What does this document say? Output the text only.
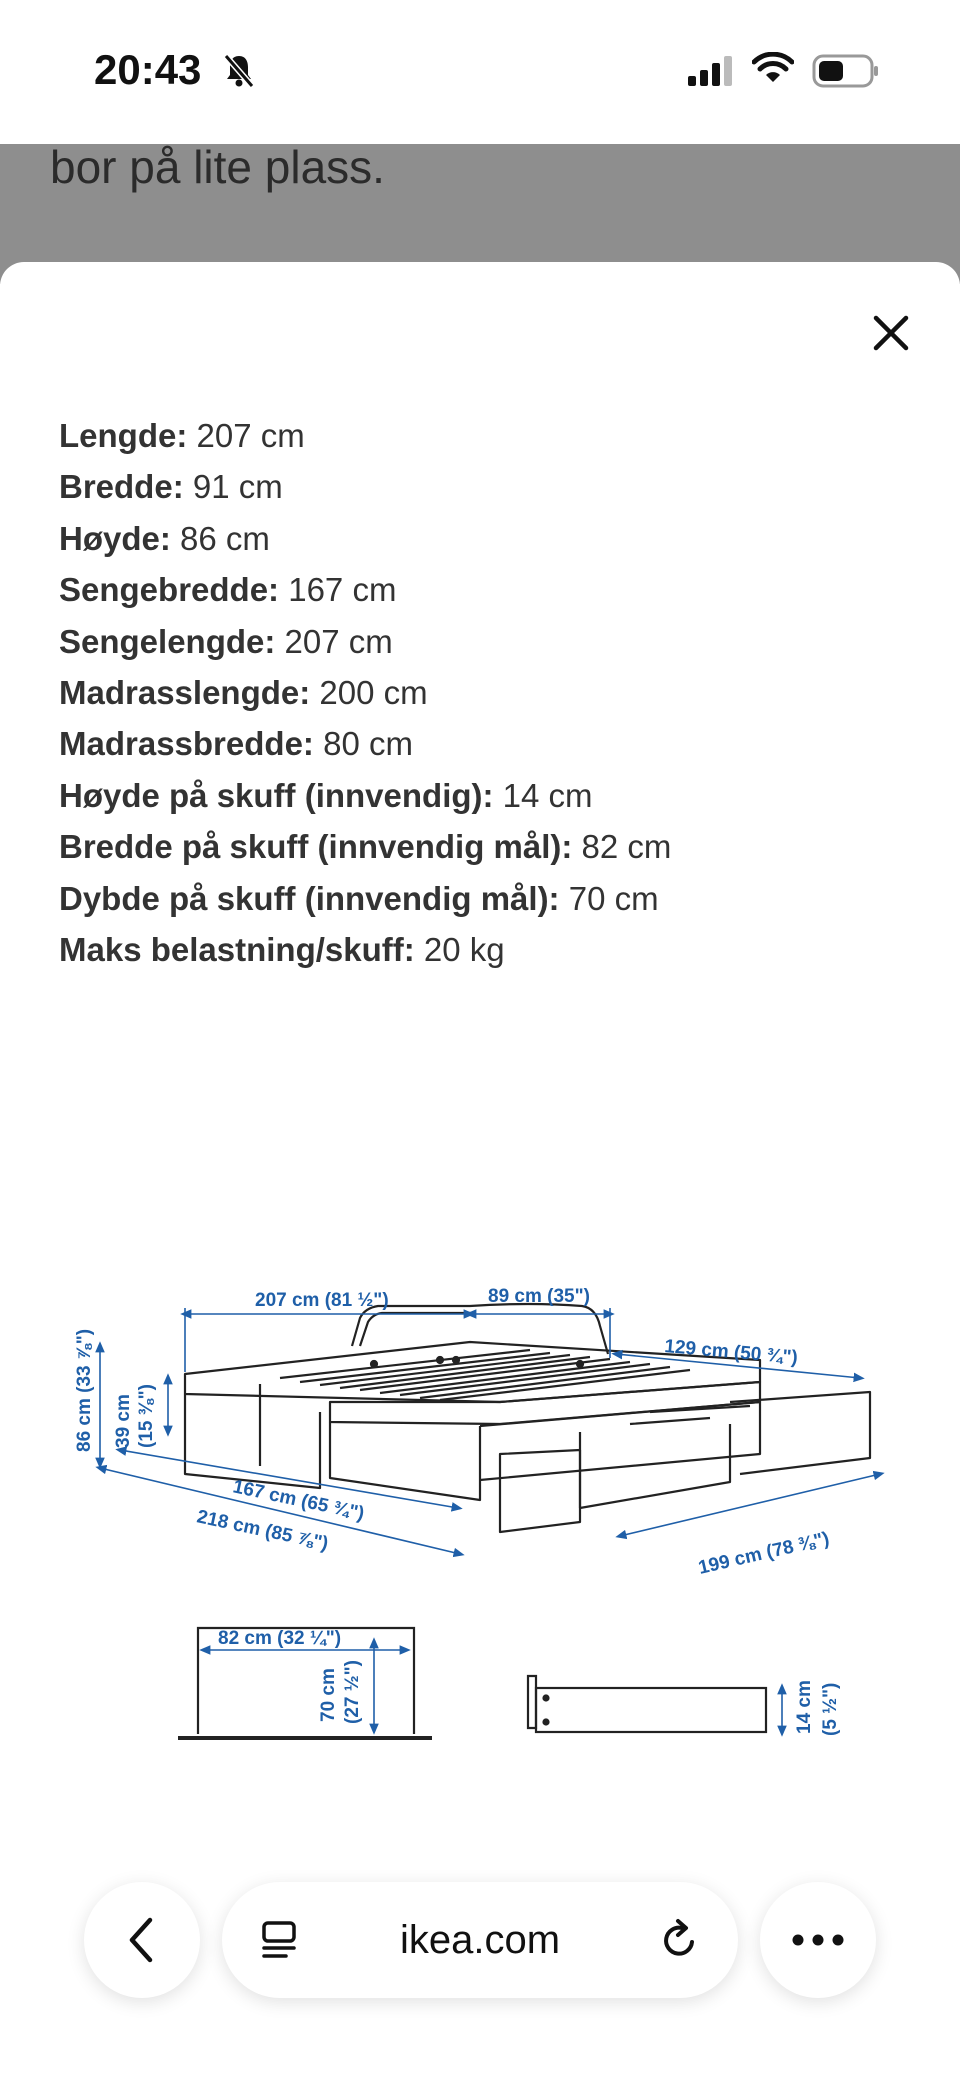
20:43
bor på lite plass.
Lengde: 207 cm
Bredde: 91 cm
Høyde: 86 cm
Sengebredde: 167 cm
Sengelengde: 207 cm
Madrasslengde: 200 cm
Madrassbredde: 80 cm
Høyde på skuff (innvendig): 14 cm
Bredde på skuff (innvendig mål): 82 cm
Dybde på skuff (innvendig mål): 70 cm
Maks belastning/skuff: 20 kg
207 cm (81 ½")	89 cm (35")
129 cm (50 ¾")
86 cm (33 ⅞") 39 cm (15 ⅜")
167 cm (65 ¾")
218 cm (85 ⅞")	199 cm (78 ⅜")
82 cm (32 ¼")
70 cm (27 ½")	14 cm (5 ½")
ikea.com
